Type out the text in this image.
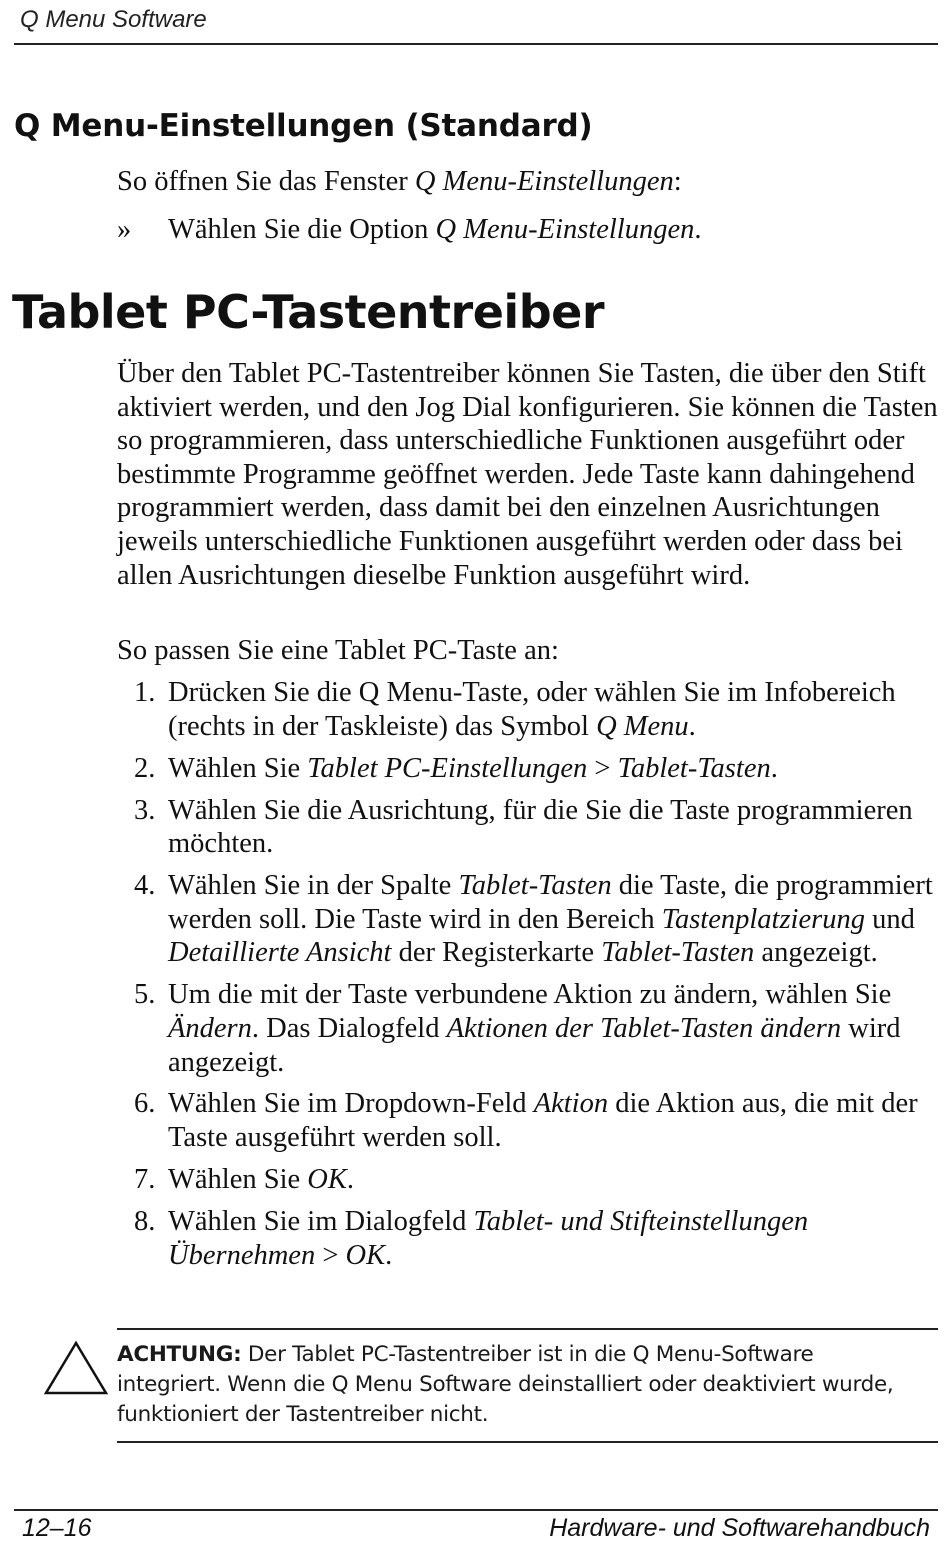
Q Menu Software
Q Menu-Einstellungen (Standard)

So öffnen Sie das Fenster Q Menu-Einstellungen:

» Wählen Sie die Option Q Menu-Einstellungen.
Tablet PC-Tastentreiber

Über den Tablet PC-Tastentreiber können Sie Tasten, die über den Stift aktiviert werden, und den Jog Dial konfigurieren. Sie können die Tasten so programmieren, dass unterschiedliche Funktionen ausgeführt oder bestimmte Programme geöffnet werden. Jede Taste kann dahingehend programmiert werden, dass damit bei den einzelnen Ausrichtungen jeweils unterschiedliche Funktionen ausgeführt werden oder dass bei allen Ausrichtungen dieselbe Funktion ausgeführt wird.

So passen Sie eine Tablet PC-Taste an:

1. Drücken Sie die Q Menu-Taste, oder wählen Sie im Infobereich (rechts in der Taskleiste) das Symbol Q Menu.
2. Wählen Sie Tablet PC-Einstellungen > Tablet-Tasten.
3. Wählen Sie die Ausrichtung, für die Sie die Taste programmieren möchten.
4. Wählen Sie in der Spalte Tablet-Tasten die Taste, die programmiert werden soll. Die Taste wird in den Bereich Tastenplatzierung und Detaillierte Ansicht der Registerkarte Tablet-Tasten angezeigt.
5. Um die mit der Taste verbundene Aktion zu ändern, wählen Sie Ändern. Das Dialogfeld Aktionen der Tablet-Tasten ändern wird angezeigt.
6. Wählen Sie im Dropdown-Feld Aktion die Aktion aus, die mit der Taste ausgeführt werden soll.
7. Wählen Sie OK.
8. Wählen Sie im Dialogfeld Tablet- und Stifteinstellungen Übernehmen > OK.
ACHTUNG: Der Tablet PC-Tastentreiber ist in die Q Menu-Software integriert. Wenn die Q Menu Software deinstalliert oder deaktiviert wurde, funktioniert der Tastentreiber nicht.
12–16	Hardware- und Softwarehandbuch
